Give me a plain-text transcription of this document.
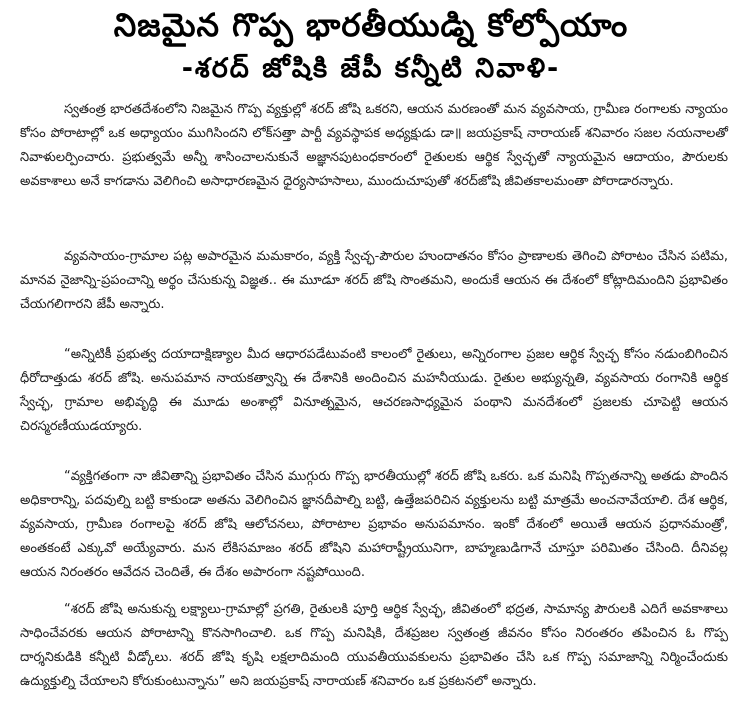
నిజమైన గొప్ప భారతీయుడ్ని కోల్పోయాం
-శరద్ జోషికి జేపీ కన్నీటి నివాళి-

స్వతంత్ర భారతదేశంలోని నిజమైన గొప్ప వ్యక్తుల్లో శరద్ జోషి ఒకరని, ఆయన మరణంతో మన వ్యవసాయ, గ్రామీణ రంగాలకు న్యాయం కోసం పోరాటాల్లో ఒక అధ్యాయం ముగిసిందని లోక్‌సత్తా పార్టీ వ్యవస్థాపక అధ్యక్షుడు డా॥ జయప్రకాష్ నారాయణ్ శనివారం సజల నయనాలతో నివాళులర్పించారు. ప్రభుత్వమే అన్నీ శాసించాలనుకునే అజ్ఞానపుటంధకారంలో రైతులకు ఆర్థిక స్వేచ్ఛతో న్యాయమైన ఆదాయం, పౌరులకు అవకాశాలు అనే కాగడాను వెలిగించి అసాధారణమైన ధైర్యసాహసాలు, ముందుచూపుతో శరద్‌జోషి జీవితకాలమంతా పోరాడారన్నారు.

వ్యవసాయం-గ్రామాల పట్ల అపారమైన మమకారం, వ్యక్తి స్వేచ్ఛ-పౌరుల హుందాతనం కోసం ప్రాణాలకు తెగించి పోరాటం చేసిన పటిమ, మానవ నైజాన్ని-ప్రపంచాన్ని అర్థం చేసుకున్న విజ్ఞత.. ఈ మూడూ శరద్ జోషి సొంతమని, అందుకే ఆయన ఈ దేశంలో కోట్లాదిమందిని ప్రభావితం చేయగలిగారని జేపీ అన్నారు.

“అన్నిటికీ ప్రభుత్వ దయాదాక్షిణ్యాల మీద ఆధారపడేటువంటి కాలంలో రైతులు, అన్నిరంగాల ప్రజల ఆర్థిక స్వేచ్ఛ కోసం నడుంబిగించిన ధీరోదాత్తుడు శరద్ జోషి. అనుపమాన నాయకత్వాన్ని ఈ దేశానికి అందించిన మహనీయుడు. రైతుల అభ్యున్నతి, వ్యవసాయ రంగానికి ఆర్థిక స్వేచ్ఛ, గ్రామాల అభివృద్ధి ఈ మూడు అంశాల్లో వినూత్నమైన, ఆచరణసాధ్యమైన పంథాని మనదేశంలో ప్రజలకు చూపెట్టి ఆయన చిరస్మరణీయుడయ్యారు.

“వ్యక్తిగతంగా నా జీవితాన్ని ప్రభావితం చేసిన ముగ్గురు గొప్ప భారతీయుల్లో శరద్ జోషి ఒకరు. ఒక మనిషి గొప్పతనాన్ని అతడు పొందిన అధికారాన్ని, పదవుల్ని బట్టి కాకుండా అతను వెలిగించిన జ్ఞానదీపాల్ని బట్టి, ఉత్తేజపరిచిన వ్యక్తులను బట్టి మాత్రమే అంచనావేయాలి. దేశ ఆర్థిక, వ్యవసాయ, గ్రామీణ రంగాలపై శరద్ జోషి ఆలోచనలు, పోరాటాల ప్రభావం అనుపమానం. ఇంకో దేశంలో అయితే ఆయన ప్రధానమంత్రో, అంతకంటే ఎక్కువో అయ్యేవారు. మన లేకిసమాజం శరద్ జోషిని మహారాష్ట్రీయునిగా, బాహ్మణుడిగానే చూస్తూ పరిమితం చేసింది. దీనివల్ల ఆయన నిరంతరం ఆవేదన చెందితే, ఈ దేశం అపారంగా నష్టపోయింది.

“శరద్ జోషి అనుకున్న లక్ష్యాలు-గ్రామాల్లో ప్రగతి, రైతులకి పూర్తి ఆర్థిక స్వేచ్ఛ, జీవితంలో భద్రత, సామాన్య పౌరులకి ఎదిగే అవకాశాలు సాధించేవరకు ఆయన పోరాటాన్ని కొనసాగించాలి. ఒక గొప్ప మనిషికి, దేశప్రజల స్వతంత్ర జీవనం కోసం నిరంతరం తపించిన ఓ గొప్ప దార్శనికుడికి కన్నీటి వీడ్కోలు. శరద్ జోషి కృషి లక్షలాదిమంది యువతీయువకులను ప్రభావితం చేసి ఒక గొప్ప సమాజాన్ని నిర్మించేందుకు ఉద్యుక్తుల్ని చేయాలని కోరుకుంటున్నాను” అని జయప్రకాష్ నారాయణ్ శనివారం ఒక ప్రకటనలో అన్నారు.
